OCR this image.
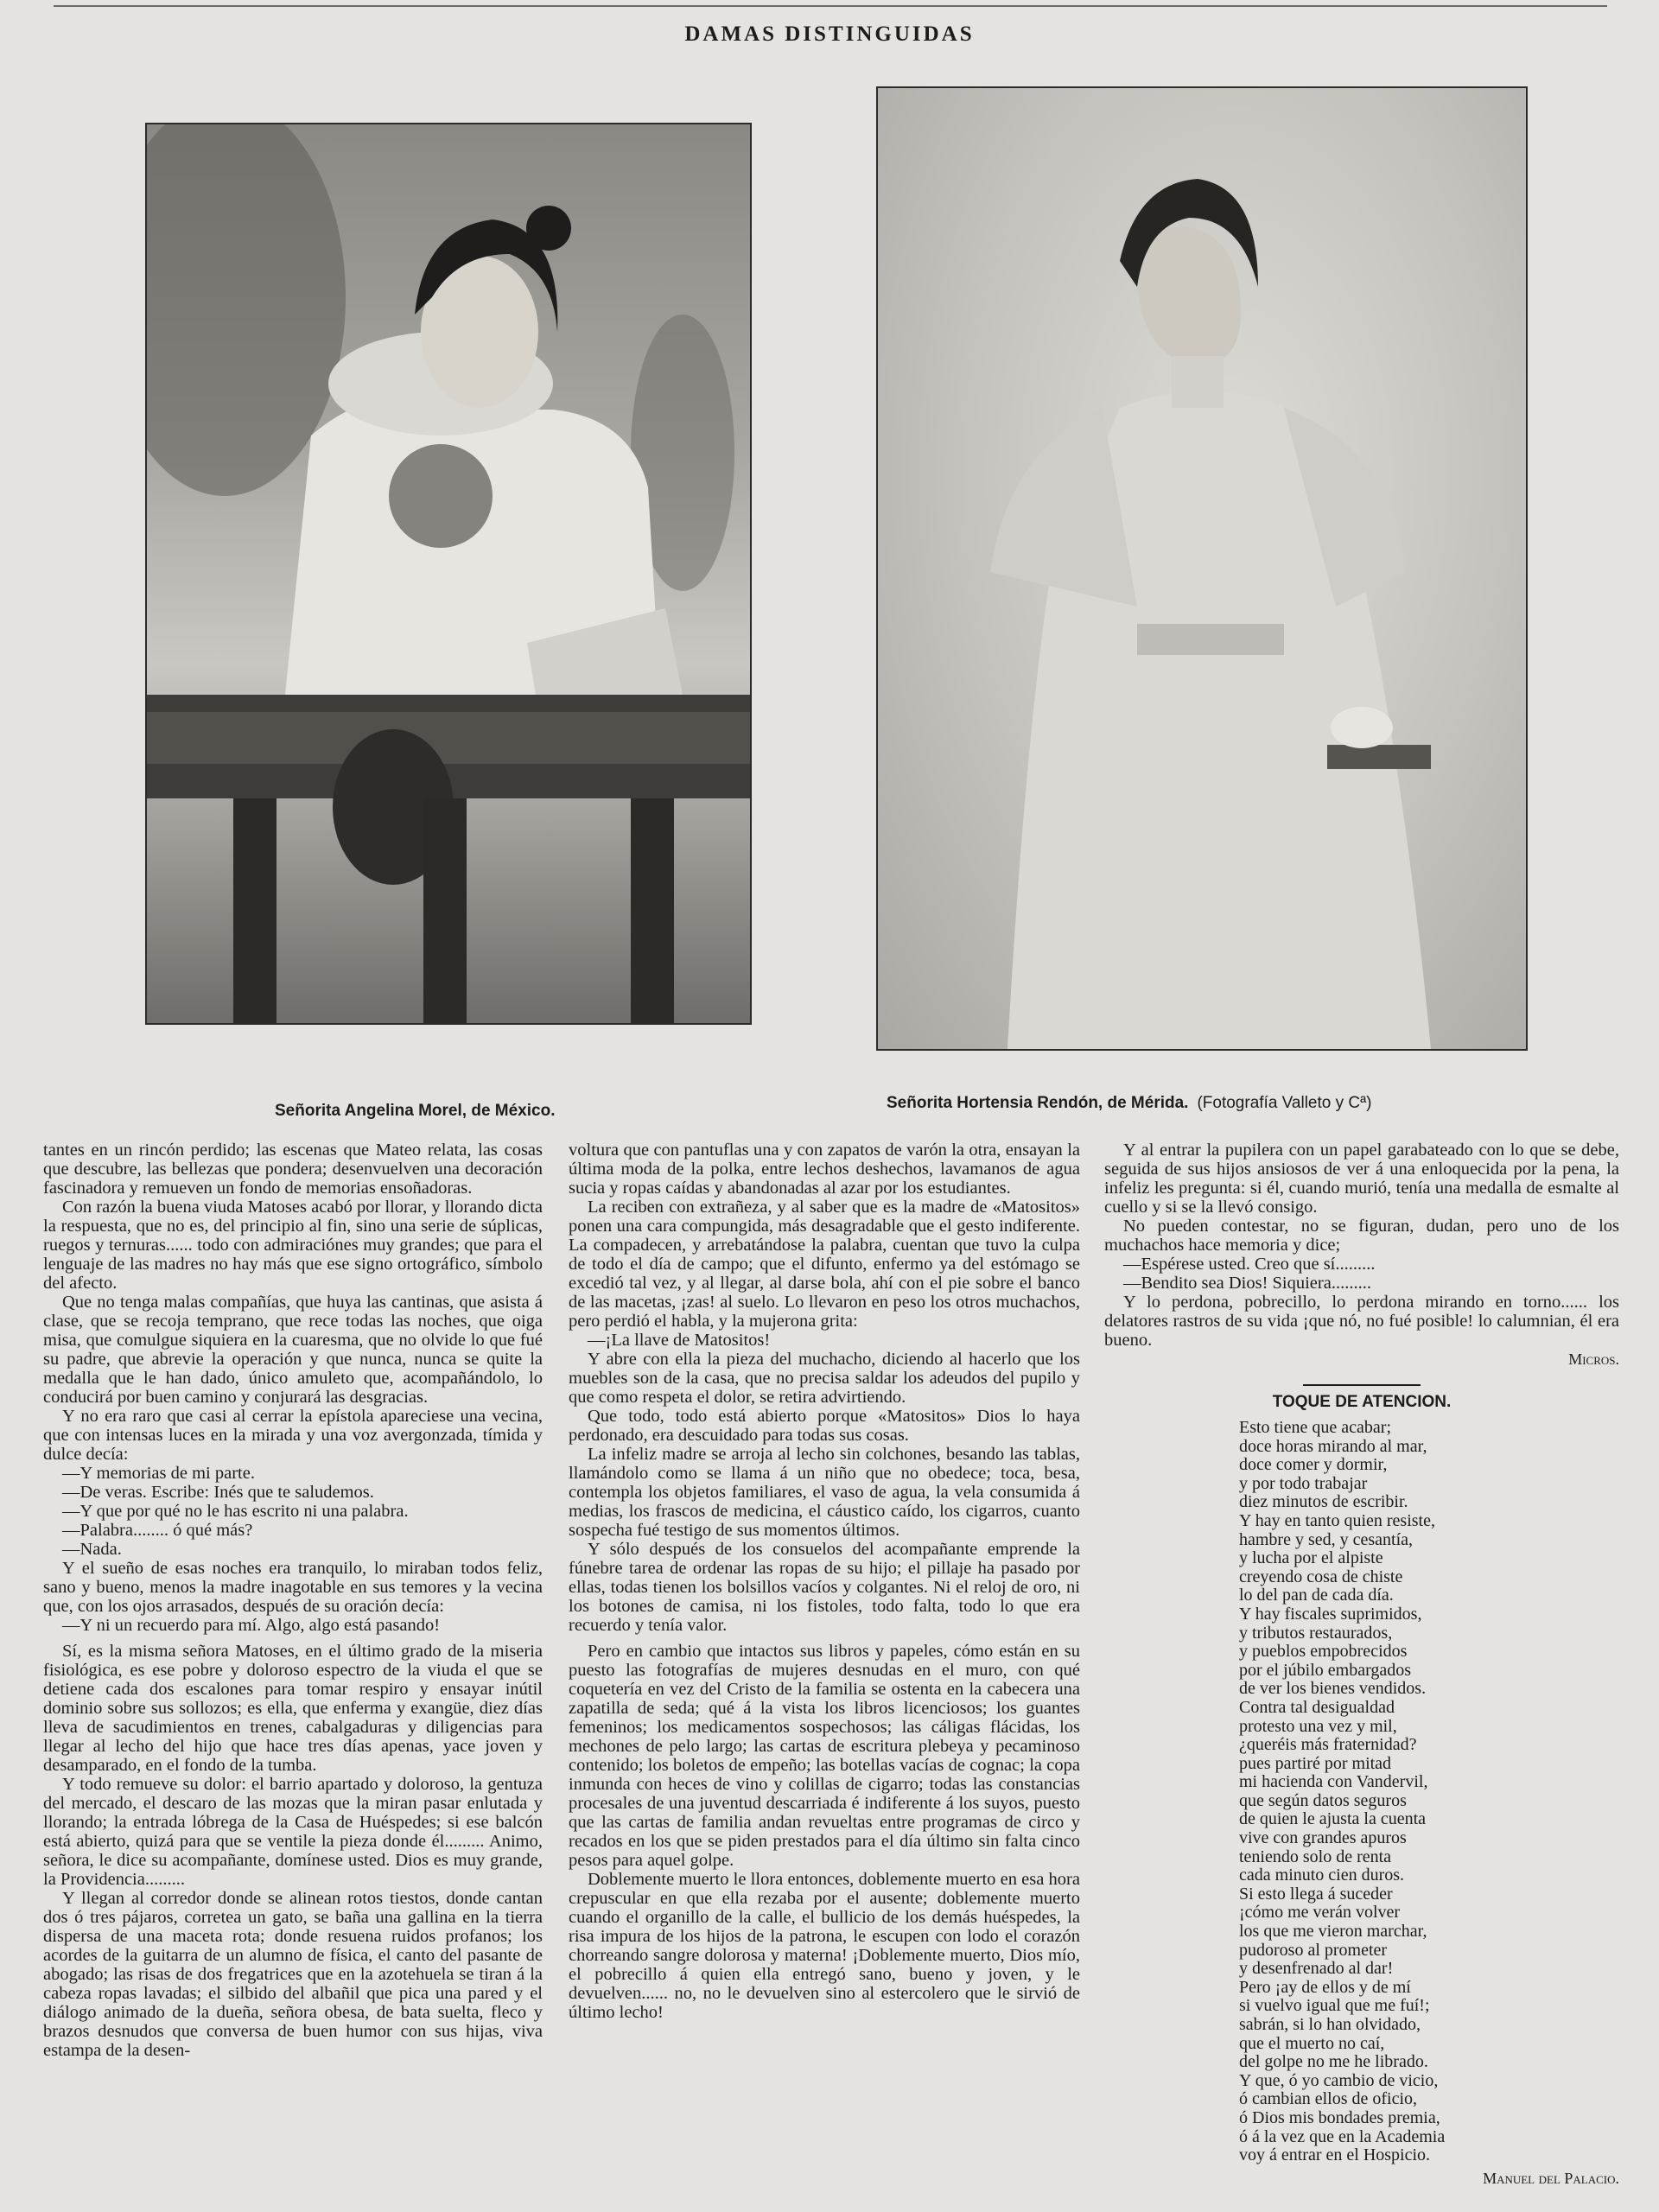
DAMAS DISTINGUIDAS
Señorita Angelina Morel, de México.	Señorita Hortensia Rendón, de Mérida. (Fotografía Valleto y Cª)

tantes en un rincón perdido; las escenas que Mateo relata, las cosas que descubre, las bellezas que pondera; desenvuelven una decoración fascinadora y remueven un fondo de memorias ensoñadoras.

Con razón la buena viuda Matoses acabó por llorar, y llorando dicta la respuesta, que no es, del principio al fin, sino una serie de súplicas, ruegos y ternuras...... todo con admiraciónes muy grandes; que para el lenguaje de las madres no hay más que ese signo ortográfico, símbolo del afecto.

Que no tenga malas compañías, que huya las cantinas, que asista á clase, que se recoja temprano, que rece todas las noches, que oiga misa, que comulgue siquiera en la cuaresma, que no olvide lo que fué su padre, que abrevie la operación y que nunca, nunca se quite la medalla que le han dado, único amuleto que, acompañándolo, lo conducirá por buen camino y conjurará las desgracias.

Y no era raro que casi al cerrar la epístola apareciese una vecina, que con intensas luces en la mirada y una voz avergonzada, tímida y dulce decía:

—Y memorias de mi parte.

—De veras. Escribe: Inés que te saludemos.

—Y que por qué no le has escrito ni una palabra.

—Palabra........ ó qué más?

—Nada.

Y el sueño de esas noches era tranquilo, lo miraban todos feliz, sano y bueno, menos la madre inagotable en sus temores y la vecina que, con los ojos arrasados, después de su oración decía:

—Y ni un recuerdo para mí. Algo, algo está pasando!

Sí, es la misma señora Matoses, en el último grado de la miseria fisiológica, es ese pobre y doloroso espectro de la viuda el que se detiene cada dos escalones para tomar respiro y ensayar inútil dominio sobre sus sollozos; es ella, que enferma y exangüe, diez días lleva de sacudimientos en trenes, cabalgaduras y diligencias para llegar al lecho del hijo que hace tres días apenas, yace joven y desamparado, en el fondo de la tumba.

Y todo remueve su dolor: el barrio apartado y doloroso, la gentuza del mercado, el descaro de las mozas que la miran pasar enlutada y llorando; la entrada lóbrega de la Casa de Huéspedes; si ese balcón está abierto, quizá para que se ventile la pieza donde él......... Animo, señora, le dice su acompañante, domínese usted. Dios es muy grande, la Providencia.........

Y llegan al corredor donde se alinean rotos tiestos, donde cantan dos ó tres pájaros, corretea un gato, se baña una gallina en la tierra dispersa de una maceta rota; donde resuena ruidos profanos; los acordes de la guitarra de un alumno de física, el canto del pasante de abogado; las risas de dos fregatrices que en la azotehuela se tiran á la cabeza ropas lavadas; el silbido del albañil que pica una pared y el diálogo animado de la dueña, señora obesa, de bata suelta, fleco y brazos desnudos que conversa de buen humor con sus hijas, viva estampa de la desen-

voltura que con pantuflas una y con zapatos de varón la otra, ensayan la última moda de la polka, entre lechos deshechos, lavamanos de agua sucia y ropas caídas y abandonadas al azar por los estudiantes.

La reciben con extrañeza, y al saber que es la madre de «Matositos» ponen una cara compungida, más desagradable que el gesto indiferente. La compadecen, y arrebatándose la palabra, cuentan que tuvo la culpa de todo el día de campo; que el difunto, enfermo ya del estómago se excedió tal vez, y al llegar, al darse bola, ahí con el pie sobre el banco de las macetas, ¡zas! al suelo. Lo llevaron en peso los otros muchachos, pero perdió el habla, y la mujerona grita:

—¡La llave de Matositos!

Y abre con ella la pieza del muchacho, diciendo al hacerlo que los muebles son de la casa, que no precisa saldar los adeudos del pupilo y que como respeta el dolor, se retira advirtiendo.

Que todo, todo está abierto porque «Matositos» Dios lo haya perdonado, era descuidado para todas sus cosas.

La infeliz madre se arroja al lecho sin colchones, besando las tablas, llamándolo como se llama á un niño que no obedece; toca, besa, contempla los objetos familiares, el vaso de agua, la vela consumida á medias, los frascos de medicina, el cáustico caído, los cigarros, cuanto sospecha fué testigo de sus momentos últimos.

Y sólo después de los consuelos del acompañante emprende la fúnebre tarea de ordenar las ropas de su hijo; el pillaje ha pasado por ellas, todas tienen los bolsillos vacíos y colgantes. Ni el reloj de oro, ni los botones de camisa, ni los fistoles, todo falta, todo lo que era recuerdo y tenía valor.

Pero en cambio que intactos sus libros y papeles, cómo están en su puesto las fotografías de mujeres desnudas en el muro, con qué coquetería en vez del Cristo de la familia se ostenta en la cabecera una zapatilla de seda; qué á la vista los libros licenciosos; los guantes femeninos; los medicamentos sospechosos; las cáligas flácidas, los mechones de pelo largo; las cartas de escritura plebeya y pecaminoso contenido; los boletos de empeño; las botellas vacías de cognac; la copa inmunda con heces de vino y colillas de cigarro; todas las constancias procesales de una juventud descarriada é indiferente á los suyos, puesto que las cartas de familia andan revueltas entre programas de circo y recados en los que se piden prestados para el día último sin falta cinco pesos para aquel golpe.

Doblemente muerto le llora entonces, doblemente muerto en esa hora crepuscular en que ella rezaba por el ausente; doblemente muerto cuando el organillo de la calle, el bullicio de los demás huéspedes, la risa impura de los hijos de la patrona, le escupen con lodo el corazón chorreando sangre dolorosa y materna! ¡Doblemente muerto, Dios mío, el pobrecillo á quien ella entregó sano, bueno y joven, y le devuelven...... no, no le devuelven sino al estercolero que le sirvió de último lecho!

Y al entrar la pupilera con un papel garabateado con lo que se debe, seguida de sus hijos ansiosos de ver á una enloquecida por la pena, la infeliz les pregunta: si él, cuando murió, tenía una medalla de esmalte al cuello y si se la llevó consigo.

No pueden contestar, no se figuran, dudan, pero uno de los muchachos hace memoria y dice;

—Espérese usted. Creo que sí.........

—Bendito sea Dios! Siquiera.........

Y lo perdona, pobrecillo, lo perdona mirando en torno...... los delatores rastros de su vida ¡que nó, no fué posible! lo calumnian, él era bueno.

Micros.
TOQUE DE ATENCION.
Esto tiene que acabar;
doce horas mirando al mar,
doce comer y dormir,
y por todo trabajar
diez minutos de escribir.
Y hay en tanto quien resiste,
hambre y sed, y cesantía,
y lucha por el alpiste
creyendo cosa de chiste
lo del pan de cada día.
Y hay fiscales suprimidos,
y tributos restaurados,
y pueblos empobrecidos
por el júbilo embargados
de ver los bienes vendidos.
Contra tal desigualdad
protesto una vez y mil,
¿queréis más fraternidad?
pues partiré por mitad
mi hacienda con Vandervil,
que según datos seguros
de quien le ajusta la cuenta
vive con grandes apuros
teniendo solo de renta
cada minuto cien duros.
Si esto llega á suceder
¡cómo me verán volver
los que me vieron marchar,
pudoroso al prometer
y desenfrenado al dar!
Pero ¡ay de ellos y de mí
si vuelvo igual que me fuí!;
sabrán, si lo han olvidado,
que el muerto no caí,
del golpe no me he librado.
Y que, ó yo cambio de vicio,
ó cambian ellos de oficio,
ó Dios mis bondades premia,
ó á la vez que en la Academia
voy á entrar en el Hospicio.
Manuel del Palacio.
